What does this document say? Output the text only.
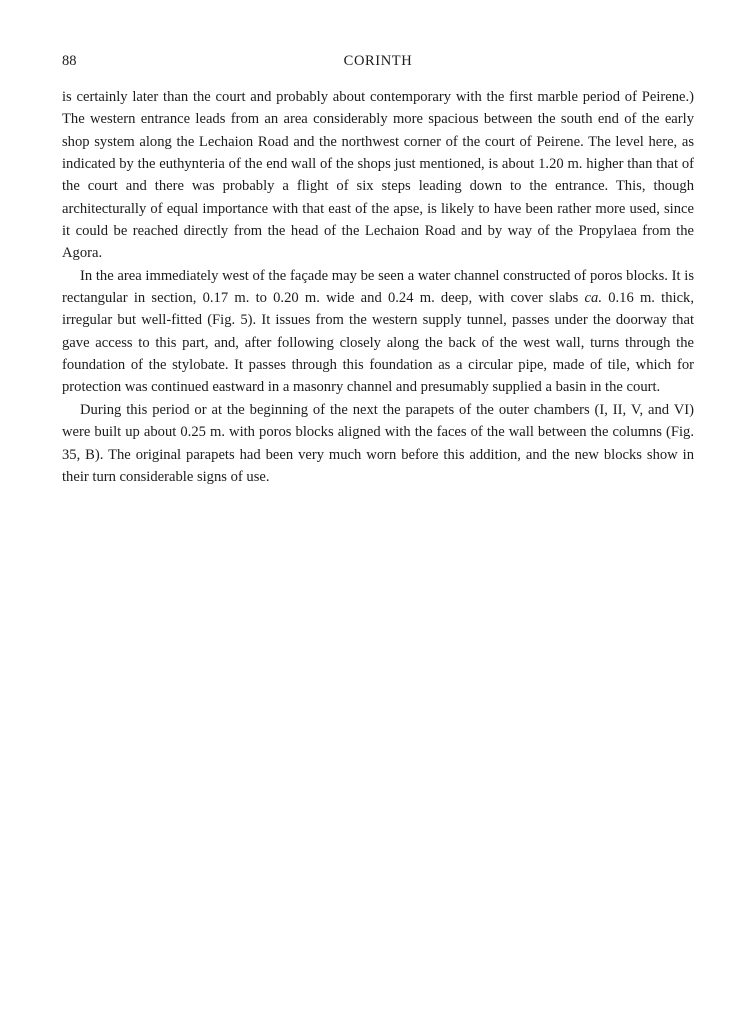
88	CORINTH

is certainly later than the court and probably about contemporary with the first marble period of Peirene.) The western entrance leads from an area considerably more spacious between the south end of the early shop system along the Lechaion Road and the northwest corner of the court of Peirene. The level here, as indicated by the euthynteria of the end wall of the shops just mentioned, is about 1.20 m. higher than that of the court and there was probably a flight of six steps leading down to the entrance. This, though architecturally of equal importance with that east of the apse, is likely to have been rather more used, since it could be reached directly from the head of the Lechaion Road and by way of the Propylaea from the Agora.

In the area immediately west of the façade may be seen a water channel constructed of poros blocks. It is rectangular in section, 0.17 m. to 0.20 m. wide and 0.24 m. deep, with cover slabs ca. 0.16 m. thick, irregular but well-fitted (Fig. 5). It issues from the western supply tunnel, passes under the doorway that gave access to this part, and, after following closely along the back of the west wall, turns through the foundation of the stylobate. It passes through this foundation as a circular pipe, made of tile, which for protection was continued eastward in a masonry channel and presumably supplied a basin in the court.

During this period or at the beginning of the next the parapets of the outer chambers (I, II, V, and VI) were built up about 0.25 m. with poros blocks aligned with the faces of the wall between the columns (Fig. 35, B). The original parapets had been very much worn before this addition, and the new blocks show in their turn considerable signs of use.
